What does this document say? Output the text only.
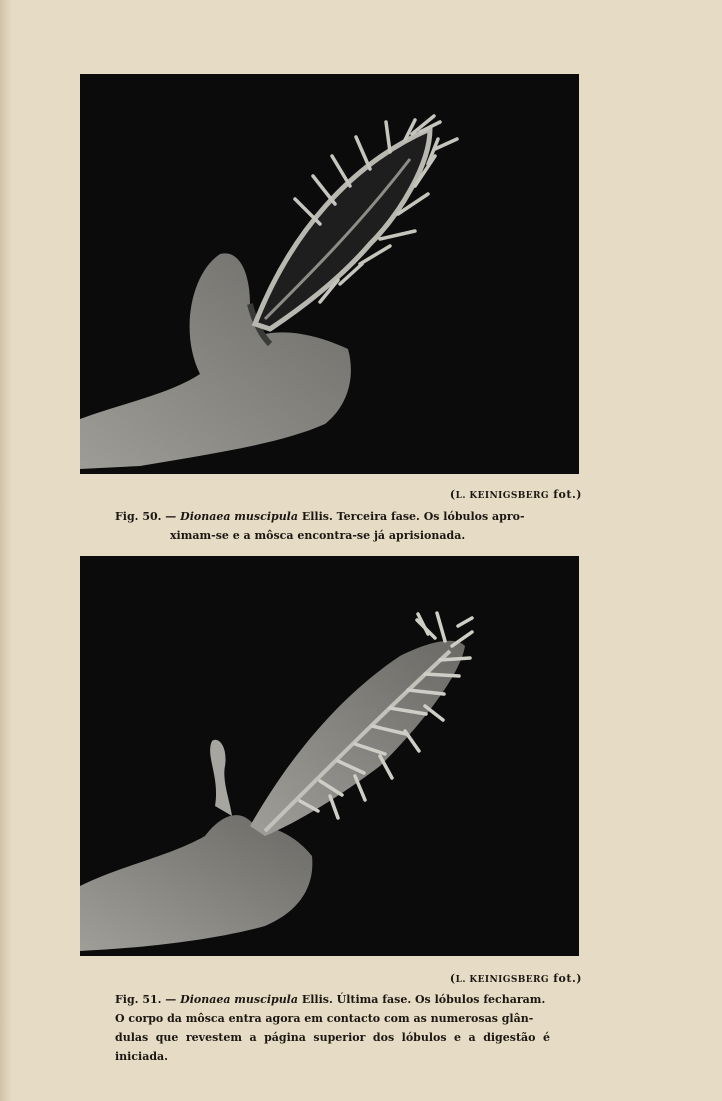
(L. KEINIGSBERG fot.)
Fig. 50. — Dionaea muscipula Ellis. Terceira fase. Os lóbulos apro-
ximam-se e a môsca encontra-se já aprisionada.
(L. KEINIGSBERG fot.)
Fig. 51. — Dionaea muscipula Ellis. Última fase. Os lóbulos fecharam.
O corpo da môsca entra agora em contacto com as numerosas glân-
dulas que revestem a página superior dos lóbulos e a digestão é iniciada.
